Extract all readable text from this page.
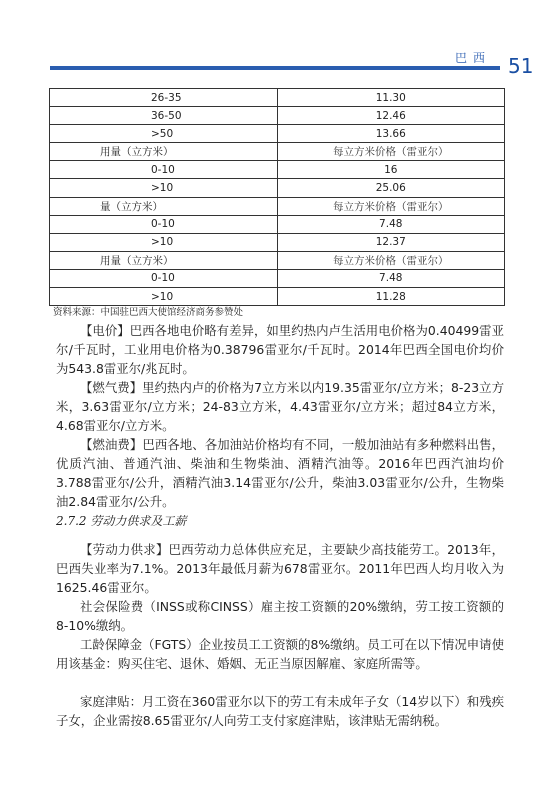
巴西 51
26-35	11.30
36-50	12.46
>50	13.66
用量（立方米）	每立方米价格（雷亚尔）
0-10	16
>10	25.06
量（立方米）	每立方米价格（雷亚尔）
0-10	7.48
>10	12.37
用量（立方米）	每立方米价格（雷亚尔）
0-10	7.48
>10	11.28
资料来源：中国驻巴西大使馆经济商务参赞处
【电价】巴西各地电价略有差异，如里约热内卢生活用电价格为0.40499雷亚尔/千瓦时，工业用电价格为0.38796雷亚尔/千瓦时。2014年巴西全国电价均价为543.8雷亚尔/兆瓦时。
【燃气费】里约热内卢的价格为7立方米以内19.35雷亚尔/立方米；8-23立方米，3.63雷亚尔/立方米；24-83立方米，4.43雷亚尔/立方米；超过84立方米，4.68雷亚尔/立方米。
【燃油费】巴西各地、各加油站价格均有不同，一般加油站有多种燃料出售，优质汽油、普通汽油、柴油和生物柴油、酒精汽油等。2016年巴西汽油均价3.788雷亚尔/公升，酒精汽油3.14雷亚尔/公升，柴油3.03雷亚尔/公升，生物柴油2.84雷亚尔/公升。
2.7.2 劳动力供求及工薪
【劳动力供求】巴西劳动力总体供应充足，主要缺少高技能劳工。2013年，巴西失业率为7.1%。2013年最低月薪为678雷亚尔。2011年巴西人均月收入为1625.46雷亚尔。
社会保险费（INSS或称CINSS）雇主按工资额的20%缴纳，劳工按工资额的8-10%缴纳。
工龄保障金（FGTS）企业按员工工资额的8%缴纳。员工可在以下情况申请使用该基金：购买住宅、退休、婚姻、无正当原因解雇、家庭所需等。
家庭津贴：月工资在360雷亚尔以下的劳工有未成年子女（14岁以下）和残疾子女，企业需按8.65雷亚尔/人向劳工支付家庭津贴，该津贴无需纳税。
